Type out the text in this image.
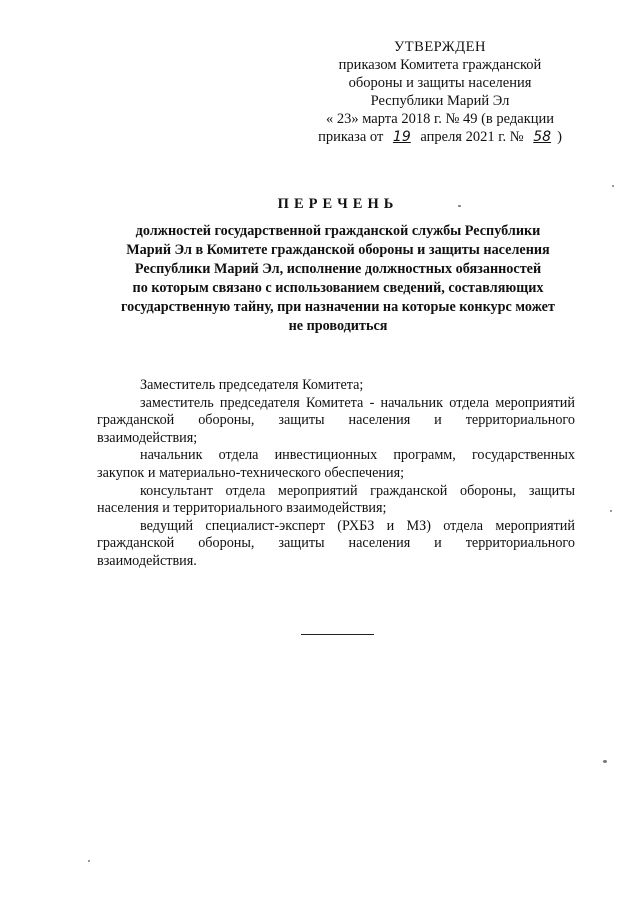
УТВЕРЖДЕН
приказом Комитета гражданской
обороны и защиты населения
Республики Марий Эл
« 23» марта 2018 г. № 49 (в редакции
приказа от 19 апреля 2021 г. № 58 )
ПЕРЕЧЕНЬ
должностей государственной гражданской службы Республики
Марий Эл в Комитете гражданской обороны и защиты населения
Республики Марий Эл, исполнение должностных обязанностей
по которым связано с использованием сведений, составляющих
государственную тайну, при назначении на которые конкурс может
не проводиться

Заместитель председателя Комитета;

заместитель председателя Комитета - начальник отдела мероприятий гражданской обороны, защиты населения и территориального взаимодействия;

начальник отдела инвестиционных программ, государственных закупок и материально-технического обеспечения;

консультант отдела мероприятий гражданской обороны, защиты населения и территориального взаимодействия;

ведущий специалист-эксперт (РХБЗ и МЗ) отдела мероприятий гражданской обороны, защиты населения и территориального взаимодействия.
